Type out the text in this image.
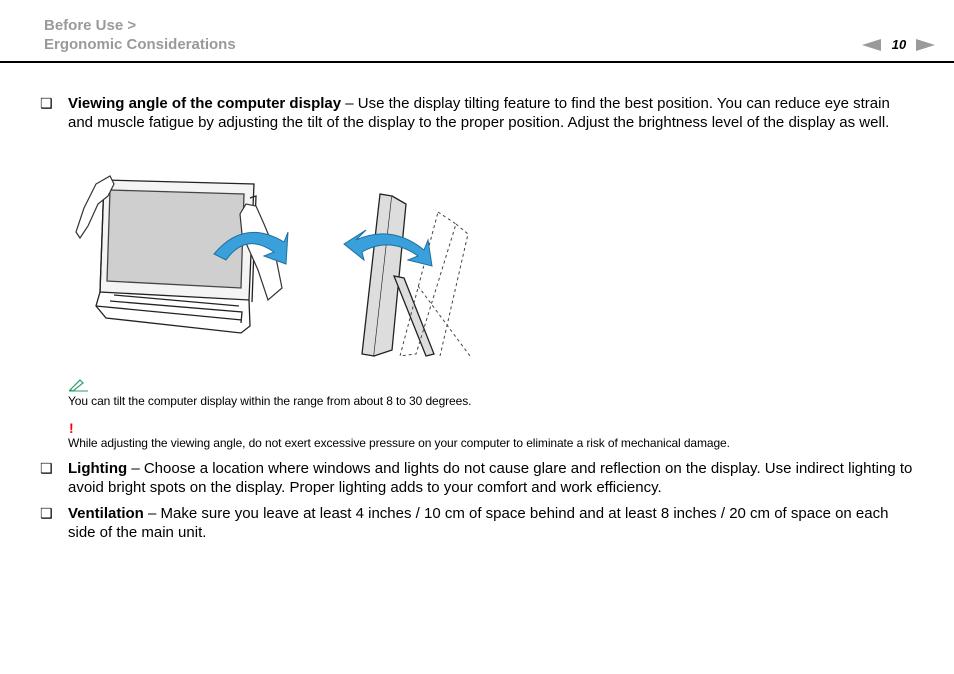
Before Use >
Ergonomic Considerations	10
❑ Viewing angle of the computer display – Use the display tilting feature to find the best position. You can reduce eye strain and muscle fatigue by adjusting the tilt of the display to the proper position. Adjust the brightness level of the display as well.
You can tilt the computer display within the range from about 8 to 30 degrees.
!
While adjusting the viewing angle, do not exert excessive pressure on your computer to eliminate a risk of mechanical damage.
❑ Lighting – Choose a location where windows and lights do not cause glare and reflection on the display. Use indirect lighting to avoid bright spots on the display. Proper lighting adds to your comfort and work efficiency.
❑ Ventilation – Make sure you leave at least 4 inches / 10 cm of space behind and at least 8 inches / 20 cm of space on each side of the main unit.
